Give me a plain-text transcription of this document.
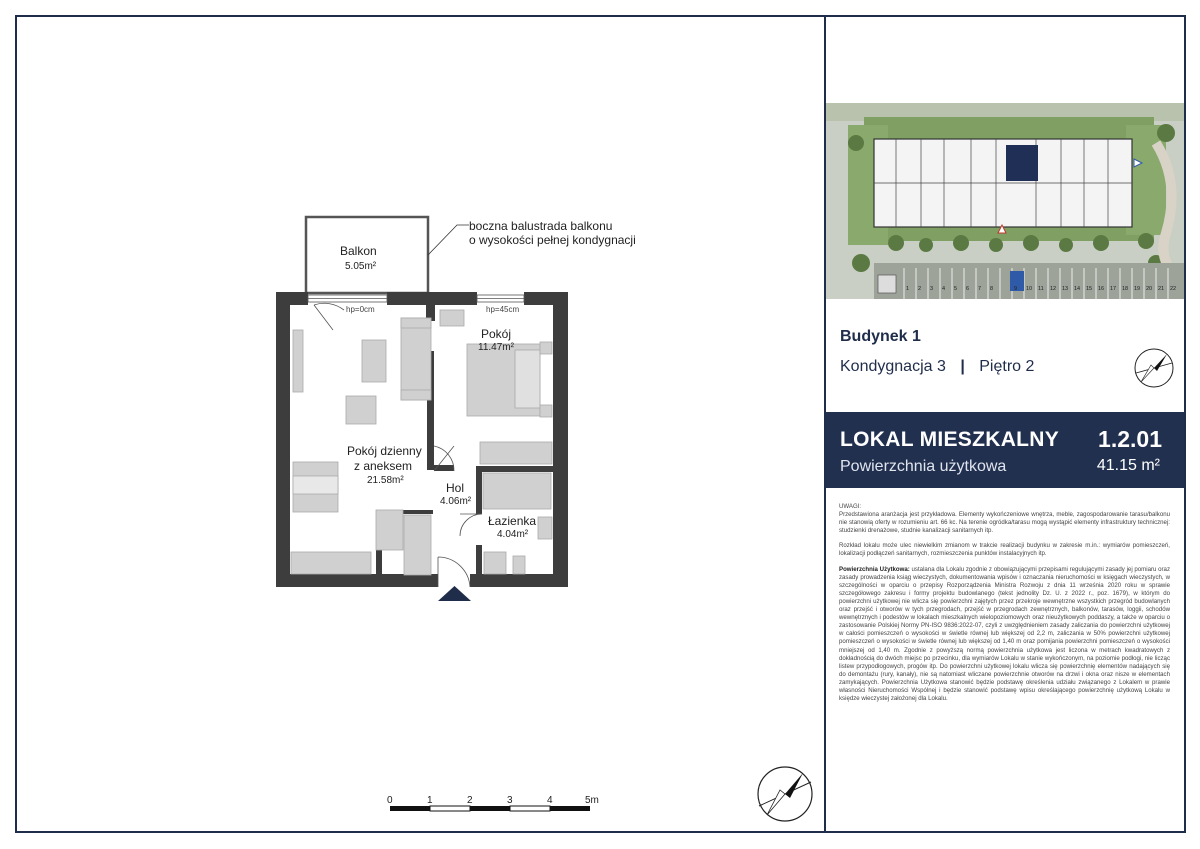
Balkon
5.05m²
boczna balustrada balkonu
o wysokości pełnej kondygnacji
hp=0cm	hp=45cm
Pokój
11.47m²
Pokój dzienny
z aneksem
21.58m²
Hol
4.06m²
Łazienka
4.04m²
0	1	2	3	4	5m
1 2 3 4 5 6 7 8	9 10 11 12 13 14 15 16 17 18 19 20 21 22
Budynek 1
Kondygnacja 3 | Piętro 2
LOKAL MIESZKALNY 1.2.01
Powierzchnia użytkowa	41.15 m²

UWAGI:

Przedstawiona aranżacja jest przykładowa. Elementy wykończeniowe wnętrza, meble, zagospodarowanie tarasu/balkonu nie stanowią oferty w rozumieniu art. 66 kc. Na terenie ogródka/tarasu mogą wystąpić elementy infrastruktury technicznej: studzienki drenażowe, studnie kanalizacji sanitarnych itp.

Rozkład lokalu może ulec niewielkim zmianom w trakcie realizacji budynku w zakresie m.in.: wymiarów pomieszczeń, lokalizacji podłączeń sanitarnych, rozmieszczenia punktów instalacyjnych itp.

Powierzchnia Użytkowa: ustalana dla Lokalu zgodnie z obowiązującymi przepisami regulującymi zasady jej pomiaru oraz zasady prowadzenia ksiąg wieczystych, dokumentowania wpisów i oznaczania nieruchomości w księgach wieczystych, w szczególności w oparciu o przepisy Rozporządzenia Ministra Rozwoju z dnia 11 września 2020 roku w sprawie szczegółowego zakresu i formy projektu budowlanego (tekst jednolity Dz. U. z 2022 r., poz. 1679), w którym do powierzchni użytkowej nie wlicza się powierzchni zajętych przez przekroje wewnętrzne wszystkich przegród budowlanych oraz przejść i otworów w tych przegrodach, przejść w przegrodach zewnętrznych, balkonów, tarasów, loggii, schodów wewnętrznych i podestów w lokalach mieszkalnych wielopoziomowych oraz nieużytkowych poddaszy, a także w oparciu o zastosowanie Polskiej Normy PN-ISO 9836:2022-07, czyli z uwzględnieniem zasady zaliczania do powierzchni użytkowej w całości pomieszczeń o wysokości w świetle równej lub większej od 2,2 m, zaliczania w 50% powierzchni użytkowej pomieszczeń o wysokości w świetle równej lub większej od 1,40 m oraz pomijania powierzchni pomieszczeń o wysokości mniejszej od 1,40 m. Zgodnie z powyższą normą powierzchnia użytkowa jest liczona w metrach kwadratowych z dokładnością do dwóch miejsc po przecinku, dla wymiarów Lokalu w stanie wykończonym, na poziomie podłogi, nie licząc listew przypodłogowych, progów itp. Do powierzchni użytkowej lokalu wlicza się powierzchnię elementów nadających się do demontażu (rury, kanały), nie są natomiast wliczane powierzchnie otworów na drzwi i okna oraz nisze w elementach zamykających. Powierzchnia Użytkowa stanowić będzie podstawę określenia udziału związanego z Lokalem w prawie własności Nieruchomości Wspólnej i będzie stanowić podstawę wpisu określającego powierzchnię użytkową Lokalu w księdze wieczystej założonej dla Lokalu.
